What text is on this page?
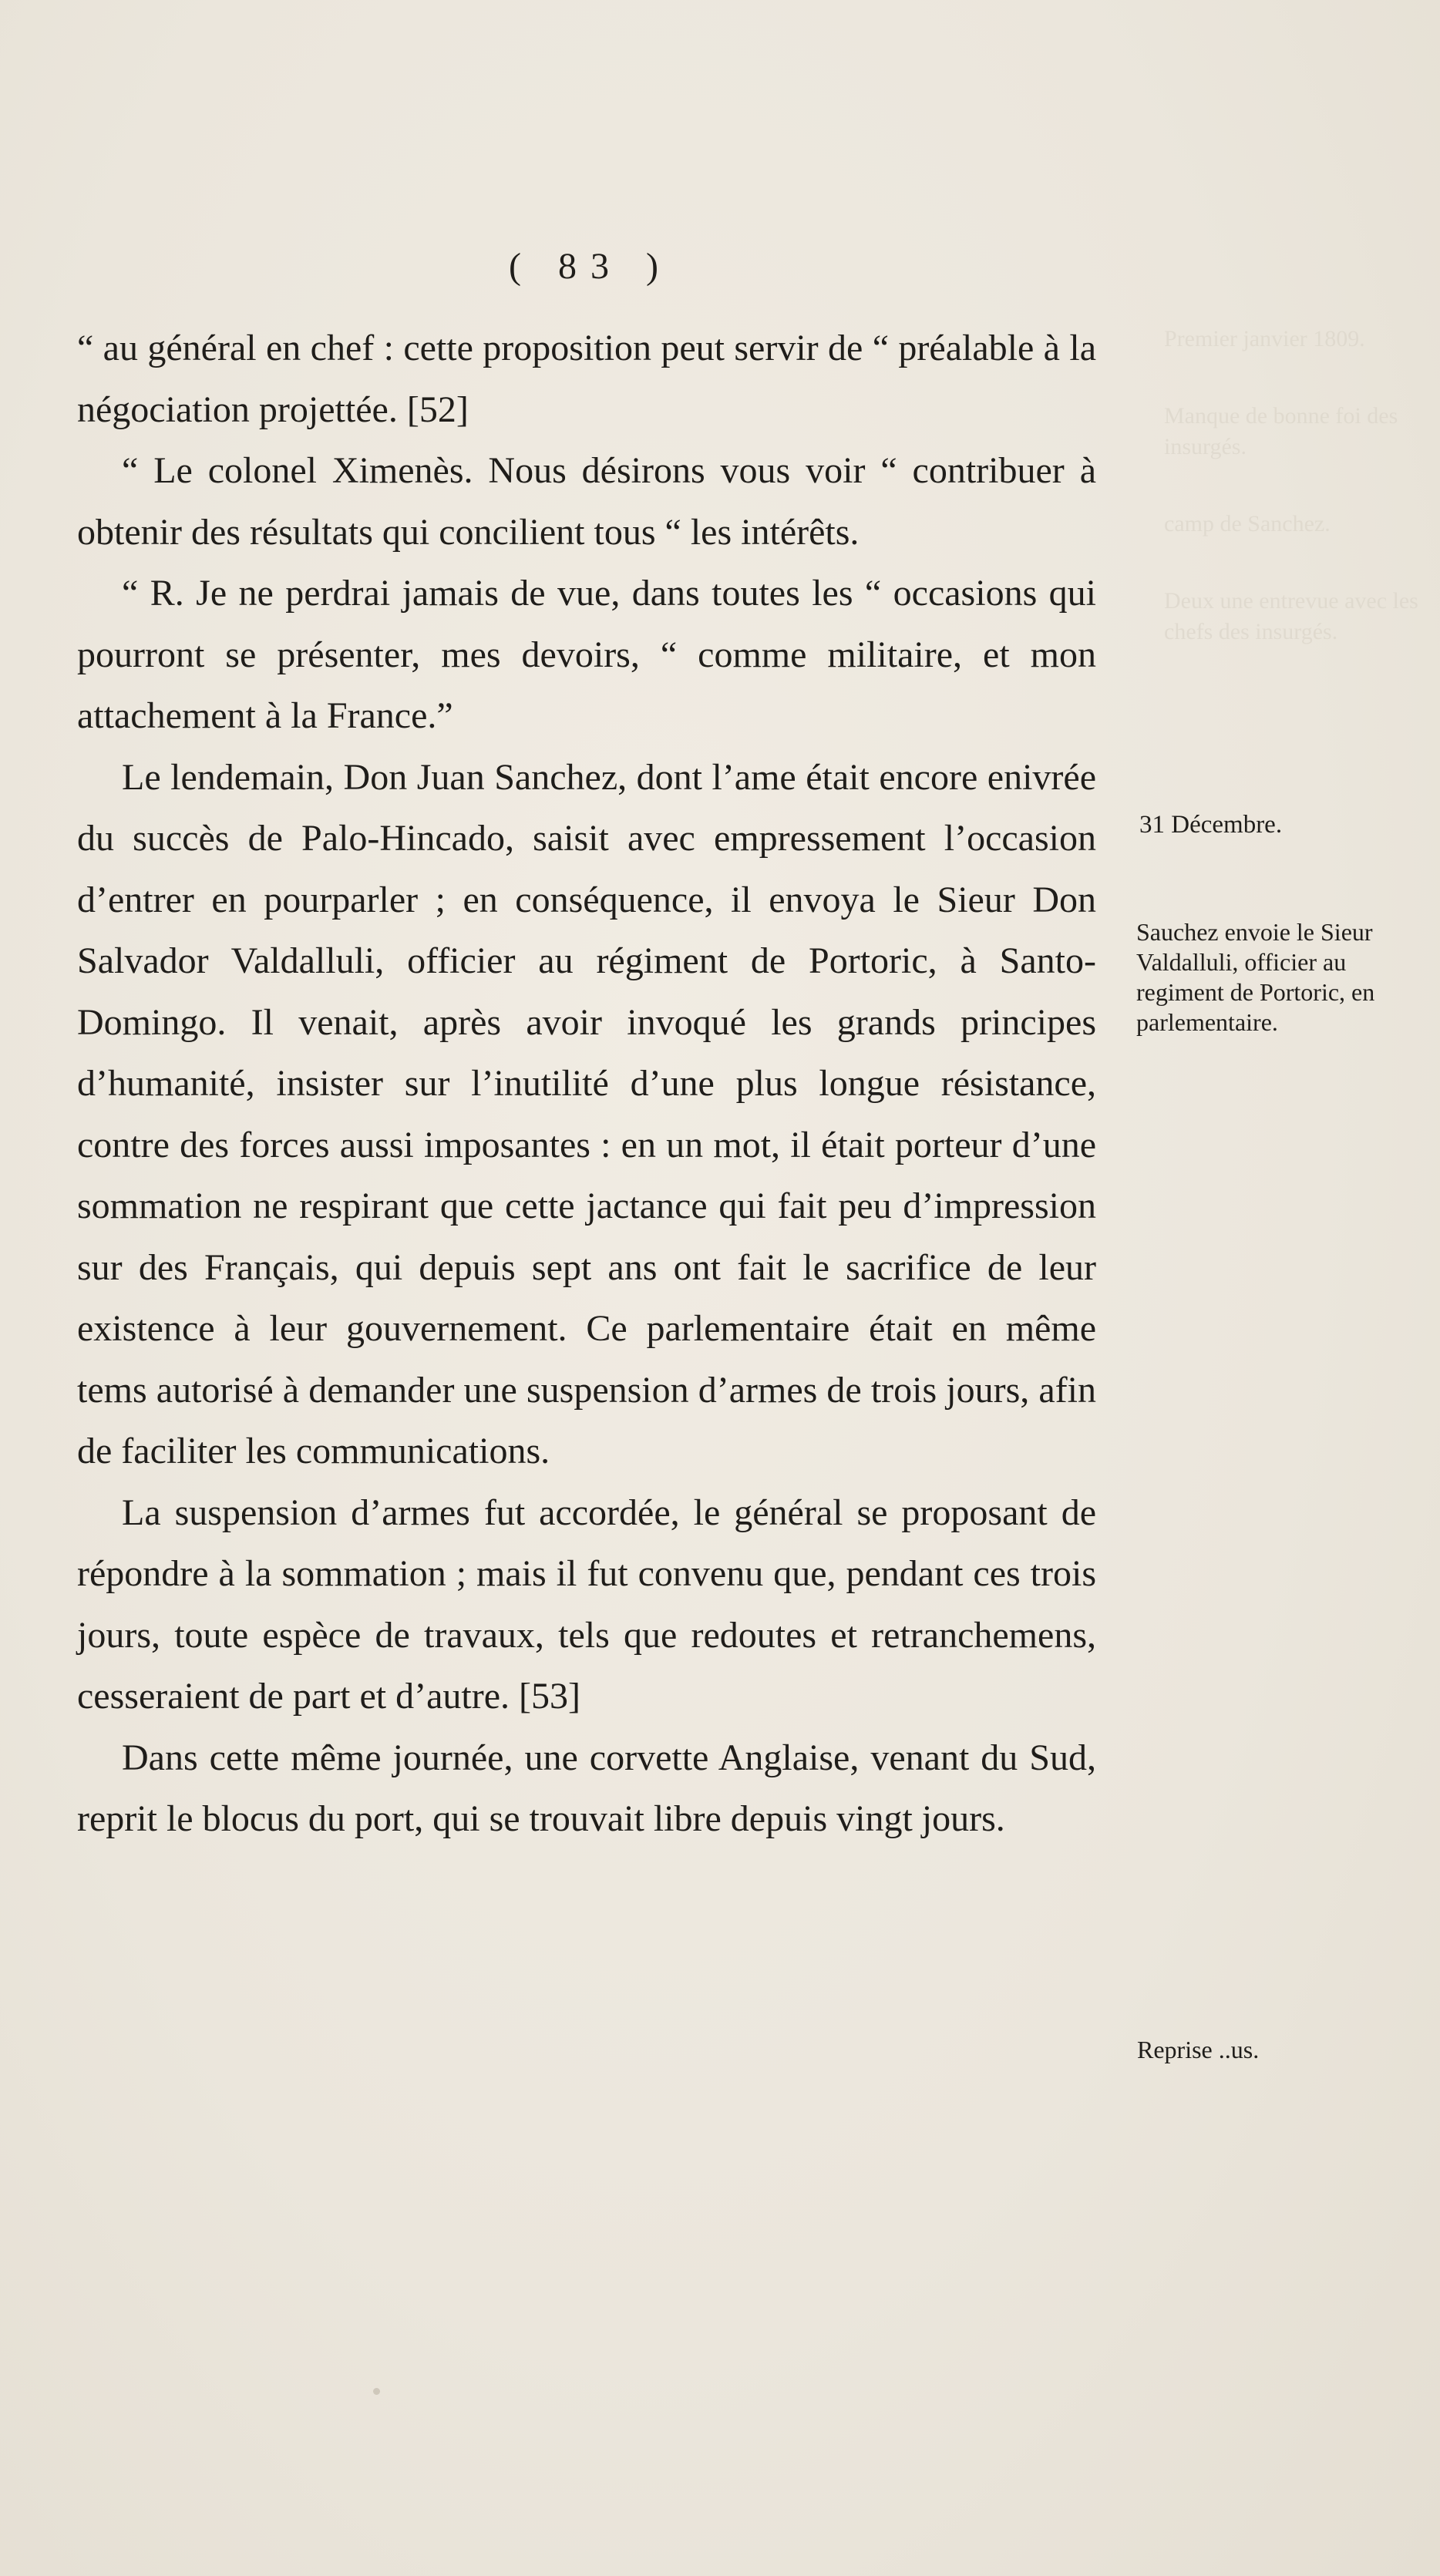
Premier janvier 1809.

Manque de bonne foi des insurgés.

camp de Sanchez.

Deux une entrevue avec les chefs des insurgés.

( 83 )

“ au général en chef : cette proposition peut servir de “ préalable à la négociation projettée. [52]

“ Le colonel Ximenès. Nous désirons vous voir “ contribuer à obtenir des résultats qui concilient tous “ les intérêts.

“ R. Je ne perdrai jamais de vue, dans toutes les “ occasions qui pourront se présenter, mes devoirs, “ comme militaire, et mon attachement à la France.”

Le lendemain, Don Juan Sanchez, dont l’ame était encore enivrée du succès de Palo-Hincado, saisit avec empressement l’occasion d’entrer en pourparler ; en conséquence, il envoya le Sieur Don Salvador Valdalluli, officier au régiment de Portoric, à Santo-Domingo. Il venait, après avoir invoqué les grands principes d’humanité, insister sur l’inutilité d’une plus longue résistance, contre des forces aussi imposantes : en un mot, il était porteur d’une sommation ne respirant que cette jactance qui fait peu d’impression sur des Français, qui depuis sept ans ont fait le sacrifice de leur existence à leur gouvernement. Ce parlementaire était en même tems autorisé à demander une suspension d’armes de trois jours, afin de faciliter les communications.

La suspension d’armes fut accordée, le général se proposant de répondre à la sommation ; mais il fut convenu que, pendant ces trois jours, toute espèce de travaux, tels que redoutes et retranchemens, cesseraient de part et d’autre. [53]

Dans cette même journée, une corvette Anglaise, venant du Sud, reprit le blocus du port, qui se trouvait libre depuis vingt jours.

31 Décembre.
Sauchez envoie le Sieur Valdalluli, officier au regiment de Portoric, en parlementaire.
Reprise ..us.
